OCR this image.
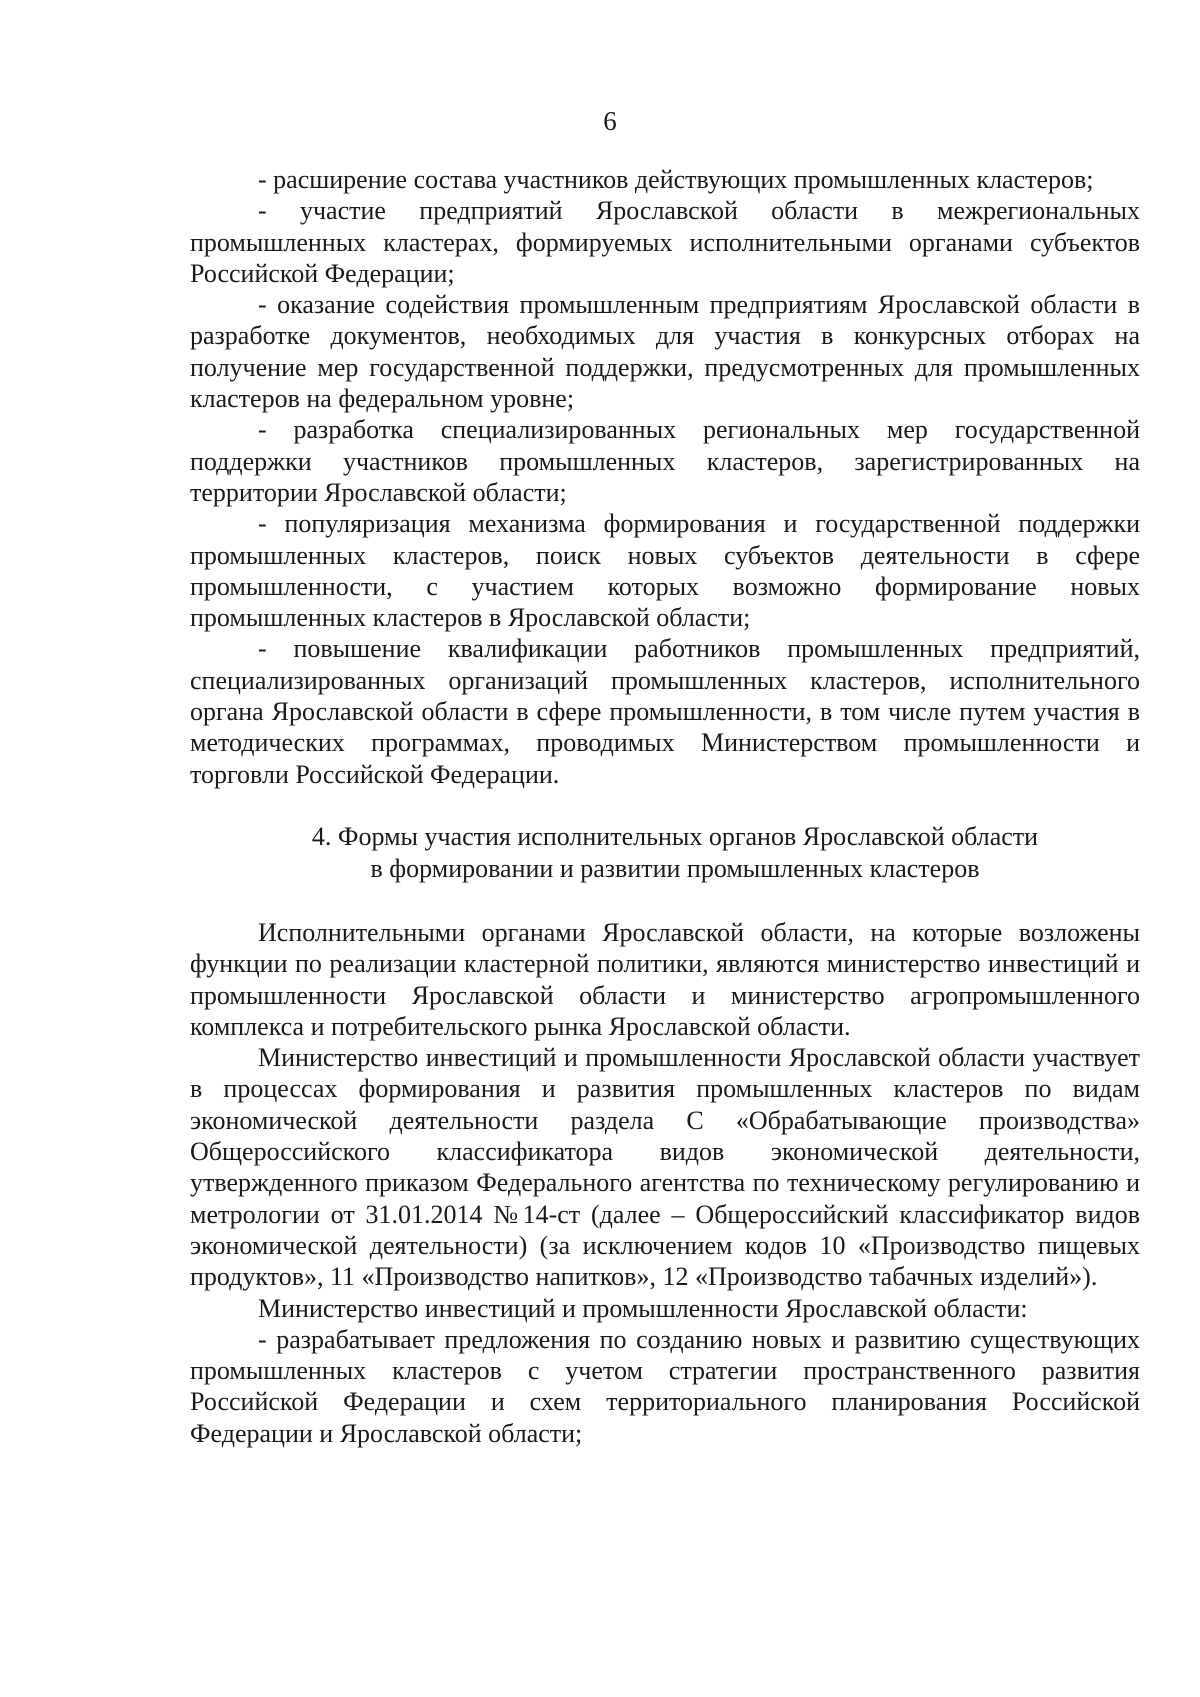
6

- расширение состава участников действующих промышленных кластеров;

- участие предприятий Ярославской области в межрегиональных промышленных кластерах, формируемых исполнительными органами субъектов Российской Федерации;

- оказание содействия промышленным предприятиям Ярославской области в разработке документов, необходимых для участия в конкурсных отборах на получение мер государственной поддержки, предусмотренных для промышленных кластеров на федеральном уровне;

- разработка специализированных региональных мер государственной поддержки участников промышленных кластеров, зарегистрированных на территории Ярославской области;

- популяризация механизма формирования и государственной поддержки промышленных кластеров, поиск новых субъектов деятельности в сфере промышленности, с участием которых возможно формирование новых промышленных кластеров в Ярославской области;

- повышение квалификации работников промышленных предприятий, специализированных организаций промышленных кластеров, исполнительного органа Ярославской области в сфере промышленности, в том числе путем участия в методических программах, проводимых Министерством промышленности и торговли Российской Федерации.

4. Формы участия исполнительных органов Ярославской области
в формировании и развитии промышленных кластеров

Исполнительными органами Ярославской области, на которые возложены функции по реализации кластерной политики, являются министерство инвестиций и промышленности Ярославской области и министерство агропромышленного комплекса и потребительского рынка Ярославской области.

Министерство инвестиций и промышленности Ярославской области участвует в процессах формирования и развития промышленных кластеров по видам экономической деятельности раздела C «Обрабатывающие производства» Общероссийского классификатора видов экономической деятельности, утвержденного приказом Федерального агентства по техническому регулированию и метрологии от 31.01.2014 №14-ст (далее – Общероссийский классификатор видов экономической деятельности) (за исключением кодов 10 «Производство пищевых продуктов», 11 «Производство напитков», 12 «Производство табачных изделий»).

Министерство инвестиций и промышленности Ярославской области:

- разрабатывает предложения по созданию новых и развитию существующих промышленных кластеров с учетом стратегии пространственного развития Российской Федерации и схем территориального планирования Российской Федерации и Ярославской области;
